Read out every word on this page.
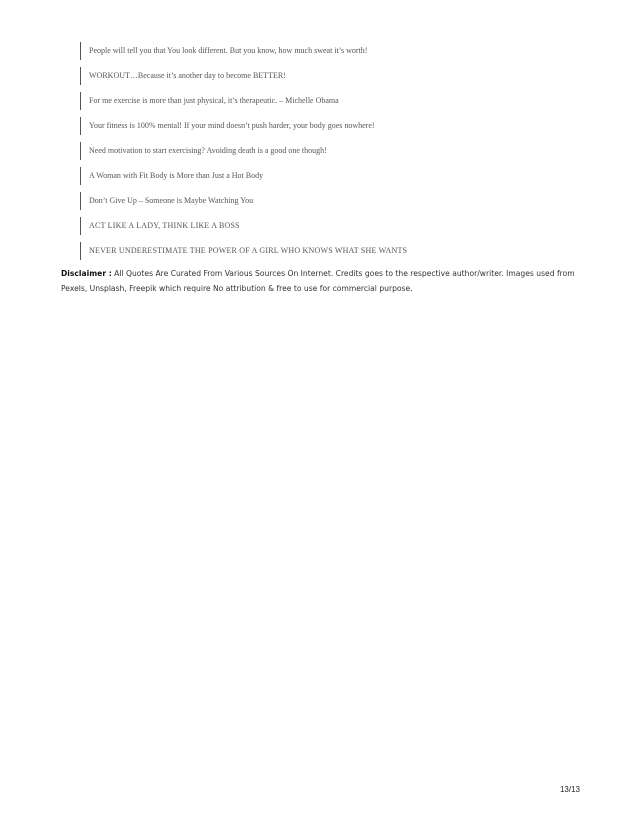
People will tell you that You look different. But you know, how much sweat it’s worth!
WORKOUT…Because it’s another day to become BETTER!
For me exercise is more than just physical, it’s therapeutic. – Michelle Obama
Your fitness is 100% mental! If your mind doesn’t push harder, your body goes nowhere!
Need motivation to start exercising? Avoiding death is a good one though!
A Woman with Fit Body is More than Just a Hot Body
Don’t Give Up – Someone is Maybe Watching You
ACT LIKE A LADY, THINK LIKE A BOSS
NEVER UNDERESTIMATE THE POWER OF A GIRL WHO KNOWS WHAT SHE WANTS
Disclaimer : All Quotes Are Curated From Various Sources On Internet. Credits goes to the respective author/writer. Images used from Pexels, Unsplash, Freepik which require No attribution & free to use for commercial purpose.
13/13
